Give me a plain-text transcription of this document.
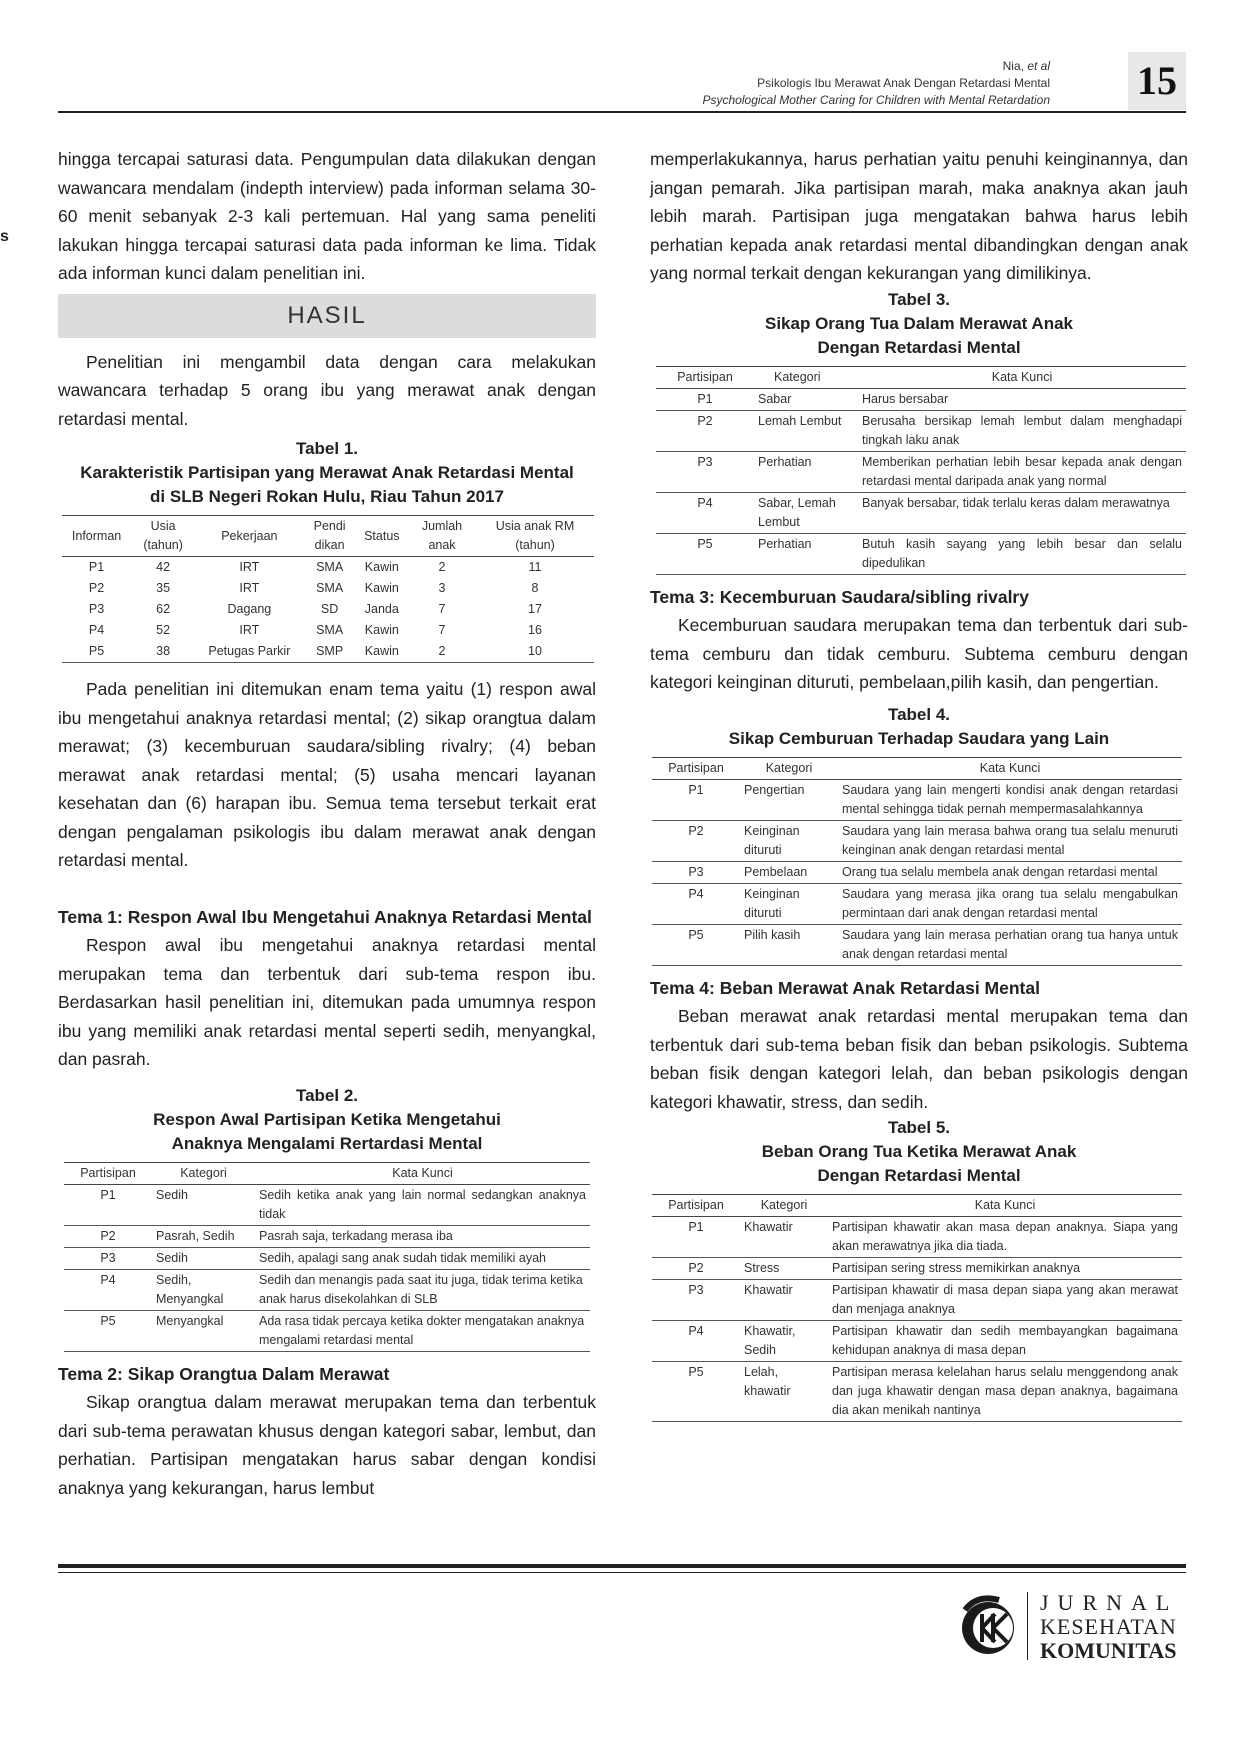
Nia, et al
Psikologis Ibu Merawat Anak Dengan Retardasi Mental
Psychological Mother Caring for Children with Mental Retardation 15
s

hingga tercapai saturasi data. Pengumpulan data dilakukan dengan wawancara mendalam (indepth interview) pada informan selama 30-60 menit sebanyak 2-3 kali pertemuan. Hal yang sama peneliti lakukan hingga tercapai saturasi data pada informan ke lima. Tidak ada informan kunci dalam penelitian ini.

HASIL

Penelitian ini mengambil data dengan cara melakukan wawancara terhadap 5 orang ibu yang merawat anak dengan retardasi mental.

Tabel 1.
Karakteristik Partisipan yang Merawat Anak Retardasi Mental
di SLB Negeri Rokan Hulu, Riau Tahun 2017
Informan	Usia (tahun)	Pekerjaan	Pendi dikan	Status	Jumlah anak	Usia anak RM (tahun)
P1	42	IRT	SMA	Kawin	2	11
P2	35	IRT	SMA	Kawin	3	8
P3	62	Dagang	SD	Janda	7	17
P4	52	IRT	SMA	Kawin	7	16
P5	38	Petugas Parkir	SMP	Kawin	2	10

Pada penelitian ini ditemukan enam tema yaitu (1) respon awal ibu mengetahui anaknya retardasi mental; (2) sikap orangtua dalam merawat; (3) kecemburuan saudara/sibling rivalry; (4) beban merawat anak retardasi mental; (5) usaha mencari layanan kesehatan dan (6) harapan ibu. Semua tema tersebut terkait erat dengan pengalaman psikologis ibu dalam merawat anak dengan retardasi mental.

Tema 1: Respon Awal Ibu Mengetahui Anaknya Retardasi Mental

Respon awal ibu mengetahui anaknya retardasi mental merupakan tema dan terbentuk dari sub-tema respon ibu. Berdasarkan hasil penelitian ini, ditemukan pada umumnya respon ibu yang memiliki anak retardasi mental seperti sedih, menyangkal, dan pasrah.

Tabel 2.
Respon Awal Partisipan Ketika Mengetahui
Anaknya Mengalami Rertardasi Mental
Partisipan	Kategori	Kata Kunci
P1	Sedih	Sedih ketika anak yang lain normal sedangkan anaknya tidak
P2	Pasrah, Sedih	Pasrah saja, terkadang merasa iba
P3	Sedih	Sedih, apalagi sang anak sudah tidak memiliki ayah
P4	Sedih, Menyangkal	Sedih dan menangis pada saat itu juga, tidak terima ketika anak harus disekolahkan di SLB
P5	Menyangkal	Ada rasa tidak percaya ketika dokter mengatakan anaknya mengalami retardasi mental

Tema 2: Sikap Orangtua Dalam Merawat

Sikap orangtua dalam merawat merupakan tema dan terbentuk dari sub-tema perawatan khusus dengan kategori sabar, lembut, dan perhatian. Partisipan mengatakan harus sabar dengan kondisi anaknya yang kekurangan, harus lembut

memperlakukannya, harus perhatian yaitu penuhi keinginannya, dan jangan pemarah. Jika partisipan marah, maka anaknya akan jauh lebih marah. Partisipan juga mengatakan bahwa harus lebih perhatian kepada anak retardasi mental dibandingkan dengan anak yang normal terkait dengan kekurangan yang dimilikinya.

Tabel 3.
Sikap Orang Tua Dalam Merawat Anak
Dengan Retardasi Mental
Partisipan	Kategori	Kata Kunci
P1	Sabar	Harus bersabar
P2	Lemah Lembut	Berusaha bersikap lemah lembut dalam menghadapi tingkah laku anak
P3	Perhatian	Memberikan perhatian lebih besar kepada anak dengan retardasi mental daripada anak yang normal
P4	Sabar, Lemah Lembut	Banyak bersabar, tidak terlalu keras dalam merawatnya
P5	Perhatian	Butuh kasih sayang yang lebih besar dan selalu dipedulikan

Tema 3: Kecemburuan Saudara/sibling rivalry

Kecemburuan saudara merupakan tema dan terbentuk dari sub-tema cemburu dan tidak cemburu. Subtema cemburu dengan kategori keinginan dituruti, pembelaan,pilih kasih, dan pengertian.

Tabel 4.
Sikap Cemburuan Terhadap Saudara yang Lain
Partisipan	Kategori	Kata Kunci
P1	Pengertian	Saudara yang lain mengerti kondisi anak dengan retardasi mental sehingga tidak pernah mempermasalahkannya
P2	Keinginan dituruti	Saudara yang lain merasa bahwa orang tua selalu menuruti keinginan anak dengan retardasi mental
P3	Pembelaan	Orang tua selalu membela anak dengan retardasi mental
P4	Keinginan dituruti	Saudara yang merasa jika orang tua selalu mengabulkan permintaan dari anak dengan retardasi mental
P5	Pilih kasih	Saudara yang lain merasa perhatian orang tua hanya untuk anak dengan retardasi mental

Tema 4: Beban Merawat Anak Retardasi Mental

Beban merawat anak retardasi mental merupakan tema dan terbentuk dari sub-tema beban fisik dan beban psikologis. Subtema beban fisik dengan kategori lelah, dan beban psikologis dengan kategori khawatir, stress, dan sedih.

Tabel 5.
Beban Orang Tua Ketika Merawat Anak
Dengan Retardasi Mental
Partisipan	Kategori	Kata Kunci
P1	Khawatir	Partisipan khawatir akan masa depan anaknya. Siapa yang akan merawatnya jika dia tiada.
P2	Stress	Partisipan sering stress memikirkan anaknya
P3	Khawatir	Partisipan khawatir di masa depan siapa yang akan merawat dan menjaga anaknya
P4	Khawatir, Sedih	Partisipan khawatir dan sedih membayangkan bagaimana kehidupan anaknya di masa depan
P5	Lelah, khawatir	Partisipan merasa kelelahan harus selalu menggendong anak dan juga khawatir dengan masa depan anaknya, bagaimana dia akan menikah nantinya
JURNAL
KESEHATAN
KOMUNITAS
